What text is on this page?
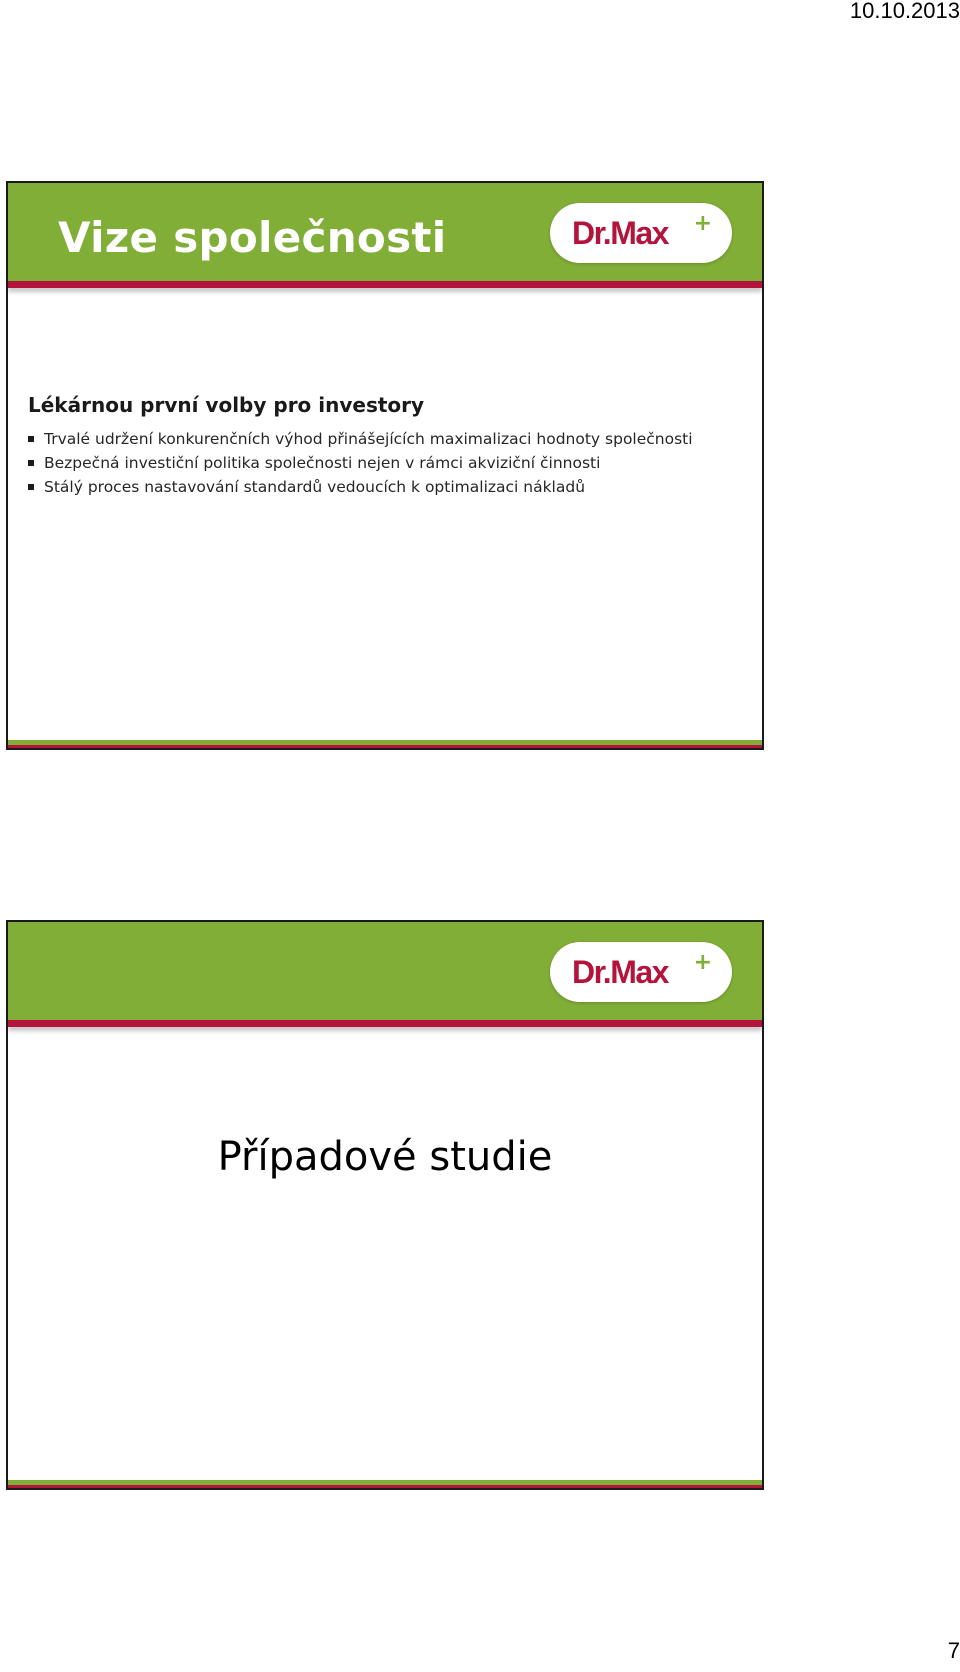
10.10.2013
Vize společnosti	Dr.Max +
Lékárnou první volby pro investory
Trvalé udržení konkurenčních výhod přinášejících maximalizaci hodnoty společnosti
Bezpečná investiční politika společnosti nejen v rámci akviziční činnosti
Stálý proces nastavování standardů vedoucích k optimalizaci nákladů
Dr.Max +
Případové studie
7
